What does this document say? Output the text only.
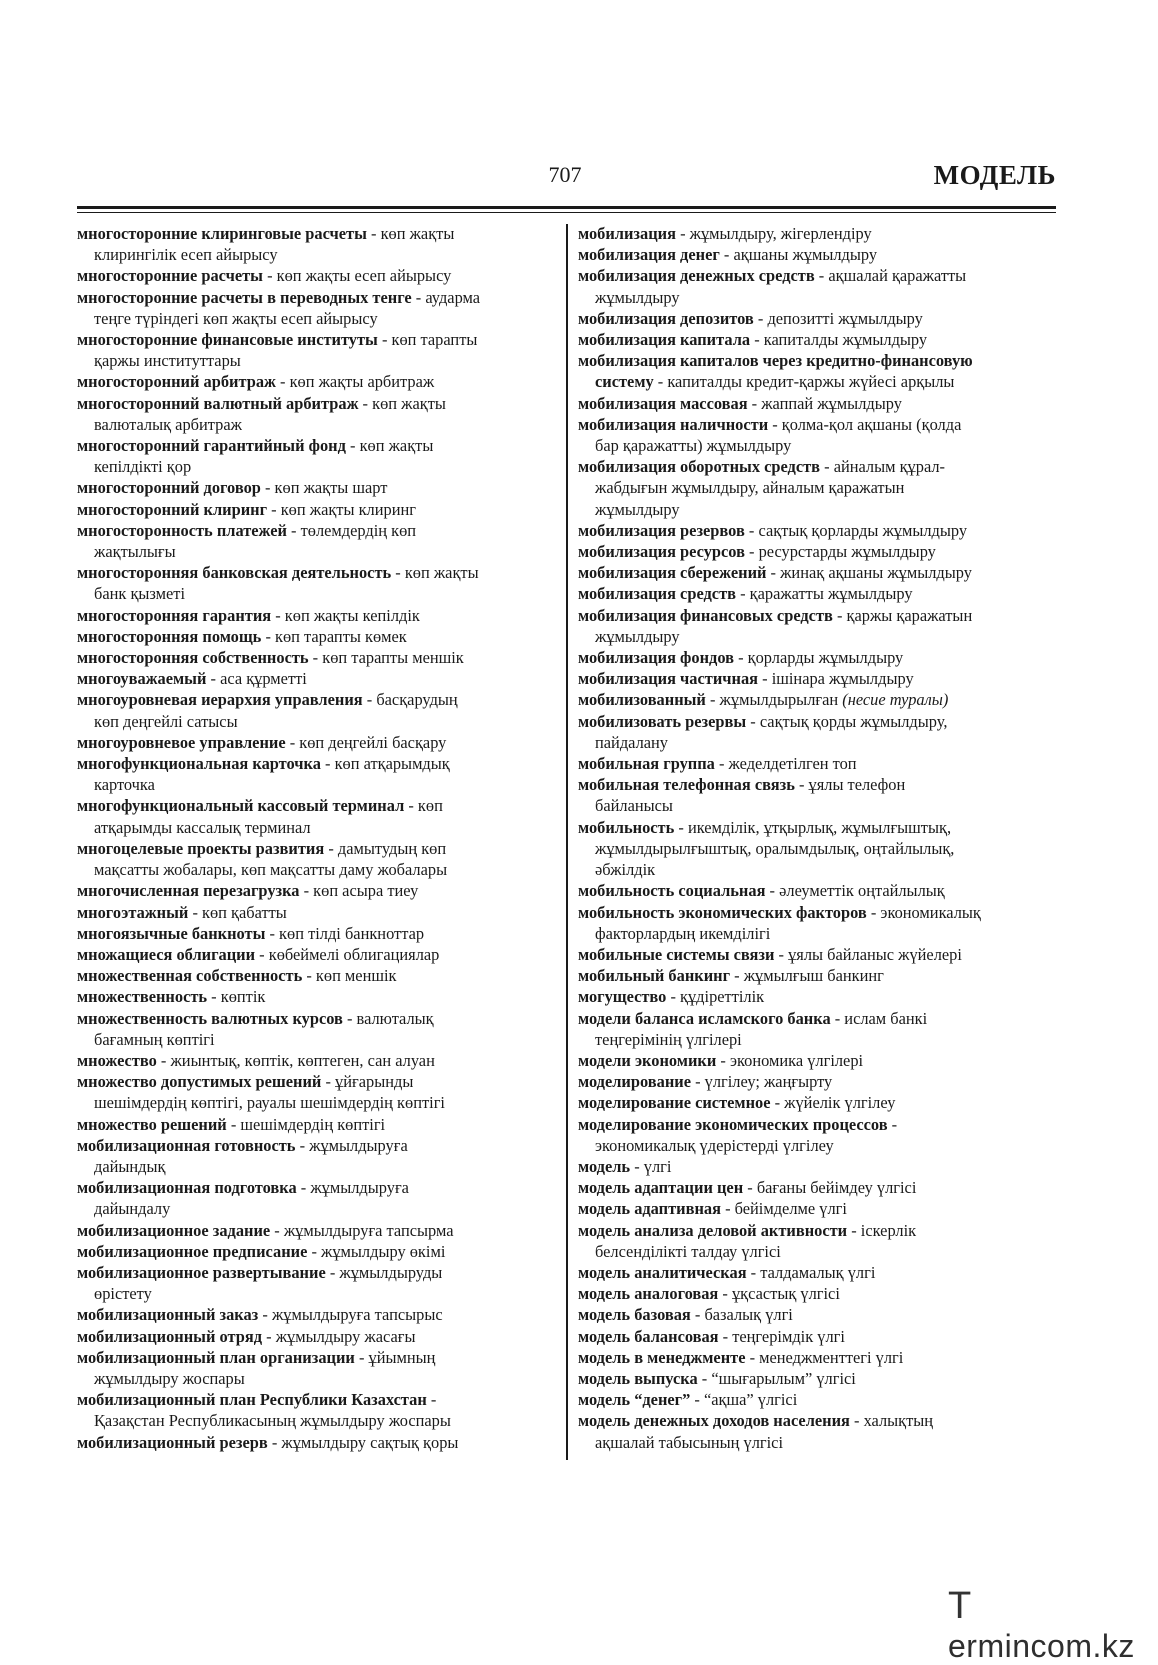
707	МОДЕЛЬ
многосторонние клиринговые расчеты - көп жақты
клирингілік есеп айырысу
многосторонние расчеты - көп жақты есеп айырысу
многосторонние расчеты в переводных тенге - аударма
теңге түріндегі көп жақты есеп айырысу
многосторонние финансовые институты - көп тарапты
қаржы институттары
многосторонний арбитраж - көп жақты арбитраж
многосторонний валютный арбитраж - көп жақты
валюталық арбитраж
многосторонний гарантийный фонд - көп жақты
кепілдікті қор
многосторонний договор - көп жақты шарт
многосторонний клиринг - көп жақты клиринг
многосторонность платежей - төлемдердің көп
жақтылығы
многосторонняя банковская деятельность - көп жақты
банк қызметі
многосторонняя гарантия - көп жақты кепілдік
многосторонняя помощь - көп тарапты көмек
многосторонняя собственность - көп тарапты меншік
многоуважаемый - аса құрметті
многоуровневая иерархия управления - басқарудың
көп деңгейлі сатысы
многоуровневое управление - көп деңгейлі басқару
многофункциональная карточка - көп атқарымдық
карточка
многофункциональный кассовый терминал - көп
атқарымды кассалық терминал
многоцелевые проекты развития - дамытудың көп
мақсатты жобалары, көп мақсатты даму жобалары
многочисленная перезагрузка - көп асыра тиеу
многоэтажный - көп қабатты
многоязычные банкноты - көп тілді банкноттар
множащиеся облигации - көбеймелі облигациялар
множественная собственность - көп меншік
множественность - көптік
множественность валютных курсов - валюталық
бағамның көптігі
множество - жиынтық, көптік, көптеген, сан алуан
множество допустимых решений - ұйғарынды
шешімдердің көптігі, рауалы шешімдердің көптігі
множество решений - шешімдердің көптігі
мобилизационная готовность - жұмылдыруға
дайындық
мобилизационная подготовка - жұмылдыруға
дайындалу
мобилизационное задание - жұмылдыруға тапсырма
мобилизационное предписание - жұмылдыру өкімі
мобилизационное развертывание - жұмылдыруды
өрістету
мобилизационный заказ - жұмылдыруға тапсырыс
мобилизационный отряд - жұмылдыру жасағы
мобилизационный план организации - ұйымның
жұмылдыру жоспары
мобилизационный план Республики Казахстан -
Қазақстан Республикасының жұмылдыру жоспары
мобилизационный резерв - жұмылдыру сақтық қоры
мобилизация - жұмылдыру, жігерлендіру
мобилизация денег - ақшаны жұмылдыру
мобилизация денежных средств - ақшалай қаражатты
жұмылдыру
мобилизация депозитов - депозитті жұмылдыру
мобилизация капитала - капиталды жұмылдыру
мобилизация капиталов через кредитно-финансовую
систему - капиталды кредит-қаржы жүйесі арқылы
мобилизация массовая - жаппай жұмылдыру
мобилизация наличности - қолма-қол ақшаны (қолда
бар қаражатты) жұмылдыру
мобилизация оборотных средств - айналым құрал-
жабдығын жұмылдыру, айналым қаражатын
жұмылдыру
мобилизация резервов - сақтық қорларды жұмылдыру
мобилизация ресурсов - ресурстарды жұмылдыру
мобилизация сбережений - жинақ ақшаны жұмылдыру
мобилизация средств - қаражатты жұмылдыру
мобилизация финансовых средств - қаржы қаражатын
жұмылдыру
мобилизация фондов - қорларды жұмылдыру
мобилизация частичная - ішінара жұмылдыру
мобилизованный - жұмылдырылған (несие туралы)
мобилизовать резервы - сақтық қорды жұмылдыру,
пайдалану
мобильная группа - жеделдетілген топ
мобильная телефонная связь - ұялы телефон
байланысы
мобильность - икемділік, ұтқырлық, жұмылғыштық,
жұмылдырылғыштық, оралымдылық, оңтайлылық,
әбжілдік
мобильность социальная - әлеуметтік оңтайлылық
мобильность экономических факторов - экономикалық
факторлардың икемділігі
мобильные системы связи - ұялы байланыс жүйелері
мобильный банкинг - жұмылғыш банкинг
могущество - құдіреттілік
модели баланса исламского банка - ислам банкі
теңгерімінің үлгілері
модели экономики - экономика үлгілері
моделирование - үлгілеу; жаңғырту
моделирование системное - жүйелік үлгілеу
моделирование экономических процессов -
экономикалық үдерістерді үлгілеу
модель - үлгі
модель адаптации цен - бағаны бейімдеу үлгісі
модель адаптивная - бейімделме үлгі
модель анализа деловой активности - іскерлік
белсенділікті талдау үлгісі
модель аналитическая - талдамалық үлгі
модель аналоговая - ұқсастық үлгісі
модель базовая - базалық үлгі
модель балансовая - теңгерімдік үлгі
модель в менеджменте - менеджменттегі үлгі
модель выпуска - “шығарылым” үлгісі
модель “денег” - “ақша” үлгісі
модель денежных доходов населения - халықтың
ақшалай табысының үлгісі
Termincom.kz
